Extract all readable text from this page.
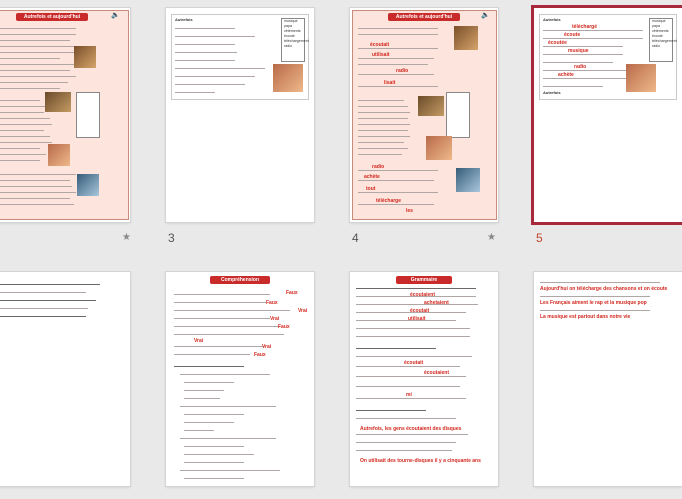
Autrefois et aujourd'hui	🔈
★
Autrefois	musique
papa
vêtements
écoute
téléchargement
radio
3
Autrefois et aujourd'hui	🔈
écoutait
utilisait
radio
lisait
radio
achète
tout
télécharge
les
4	★
Autrefois
téléchargé
écoute
écoutée
musique
radio
achète
Autrefois
musique
papa
vêtements
écoute
téléchargement
radio
5
Compréhension
Faux
Faux
Vrai
Vrai
Faux
Vrai
Vrai
Faux
Grammaire
écoutaient
achetaient
écoutait
utilisait
écoutait
écoutaient
mi
Autrefois, les gens écoutaient des disques
On utilisait des tourne-disques il y a cinquante ans
Aujourd'hui on télécharge des chansons et on écoute
Les Français aiment le rap et la musique pop
La musique est partout dans notre vie
